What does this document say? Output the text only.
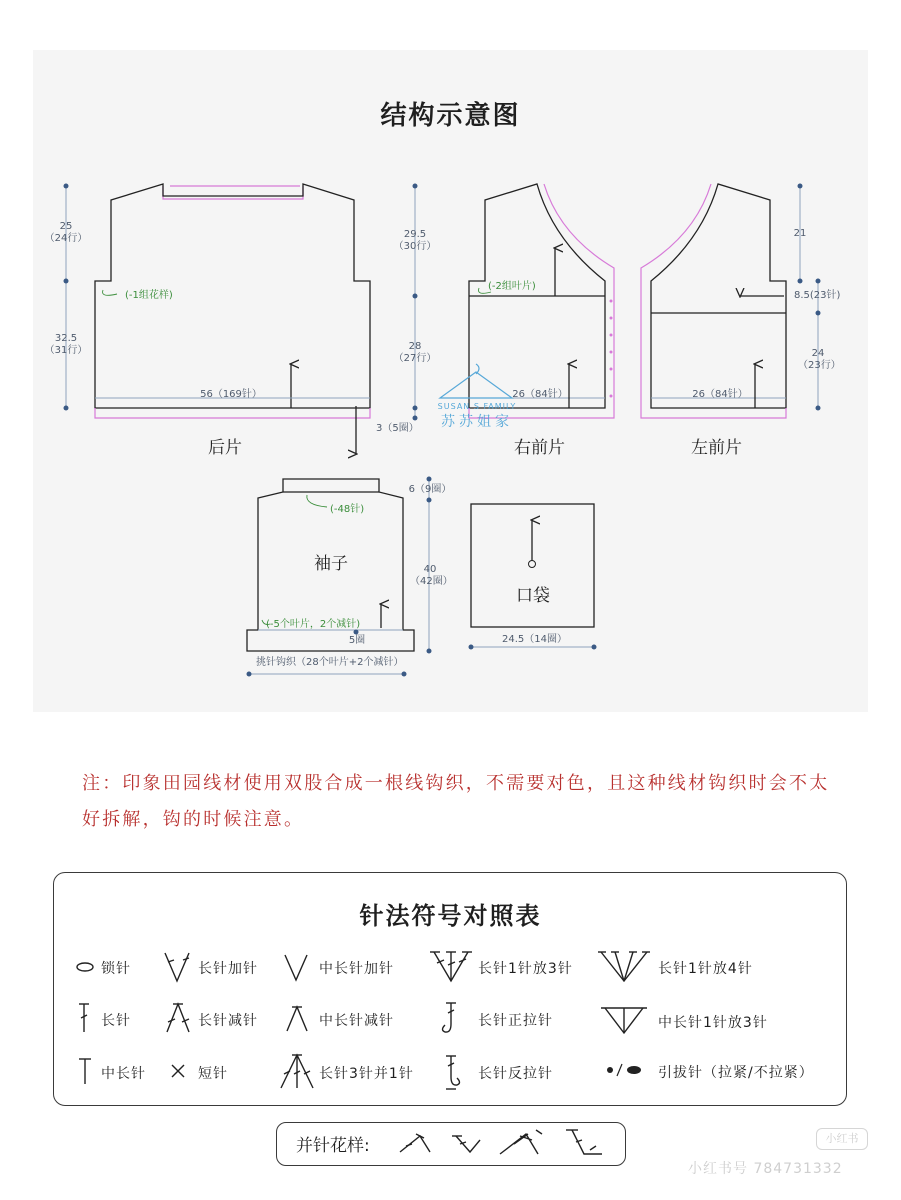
结构示意图
后片	右前片	左前片
袖子
口袋
25
（24行）
32.5
（31行）
56（169针）
29.5
（30行）
28
（27行）
3（5圈）
26（84针）
21
8.5(23针)
24
（23行）
26（84针）
6（9圈）
40
（42圈）
5圈
挑针钩织（28个叶片+2个减针）
24.5（14圈）
(-1组花样)
(-2组叶片)
(-48针)
(-5个叶片，2个减针)
SUSAN S FAMILY
苏苏姐家
注：印象田园线材使用双股合成一根线钩织，不需要对色，且这种线材钩织时会不太好拆解，钩的时候注意。
针法符号对照表
锁针	长针加针	中长针加针	长针1针放3针	长针1针放4针
长针	长针减针	中长针减针	长针正拉针	中长针1针放3针
中长针	短针	长针3针并1针	长针反拉针	引拔针（拉紧/不拉紧）
并针花样:	小红书
小红书号 784731332
